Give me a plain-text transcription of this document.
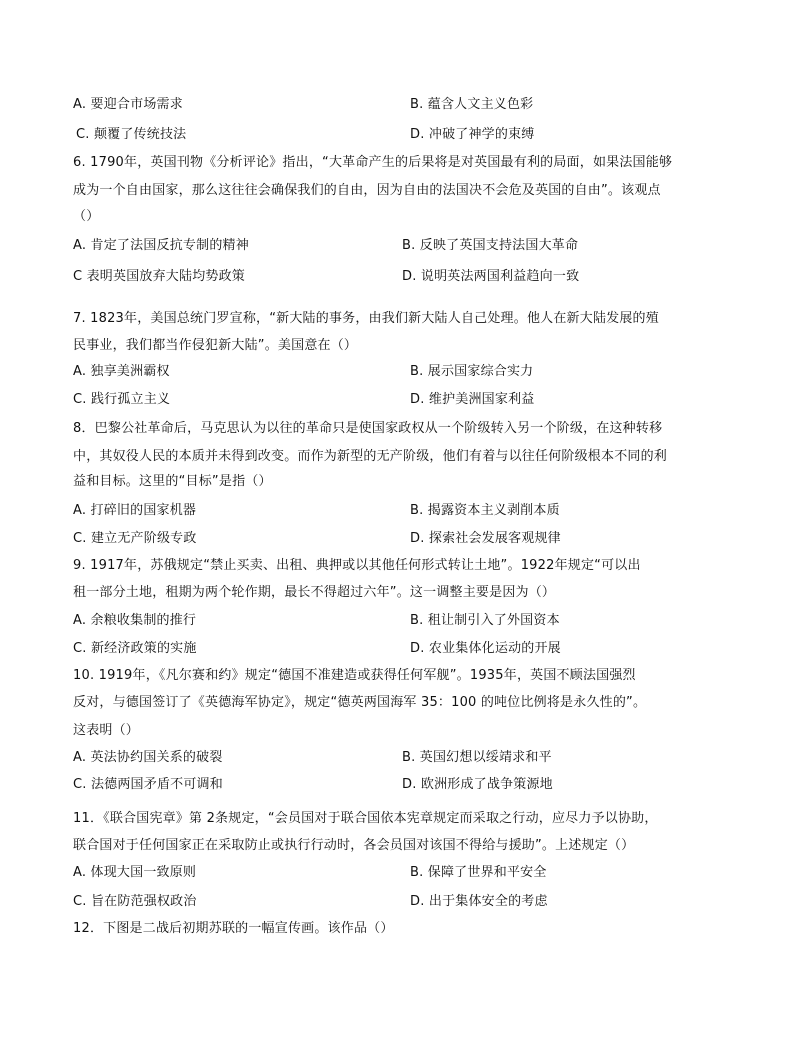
A. 要迎合市场需求	B. 蕴含人文主义色彩
C. 颠覆了传统技法	D. 冲破了神学的束缚
6. 1790年，英国刊物《分析评论》指出，“大革命产生的后果将是对英国最有利的局面，如果法国能够
成为一个自由国家，那么这往往会确保我们的自由，因为自由的法国决不会危及英国的自由”。该观点
（）
A. 肯定了法国反抗专制的精神	B. 反映了英国支持法国大革命
C 表明英国放弃大陆均势政策	D. 说明英法两国利益趋向一致
7. 1823年，美国总统门罗宣称，“新大陆的事务，由我们新大陆人自己处理。他人在新大陆发展的殖
民事业，我们都当作侵犯新大陆”。美国意在（）
A. 独享美洲霸权	B. 展示国家综合实力
C. 践行孤立主义	D. 维护美洲国家利益
8．巴黎公社革命后，马克思认为以往的革命只是使国家政权从一个阶级转入另一个阶级，在这种转移
中，其奴役人民的本质并未得到改变。而作为新型的无产阶级，他们有着与以往任何阶级根本不同的利
益和目标。这里的“目标”是指（）
A. 打碎旧的国家机器	B. 揭露资本主义剥削本质
C. 建立无产阶级专政	D. 探索社会发展客观规律
9. 1917年，苏俄规定“禁止买卖、出租、典押或以其他任何形式转让土地”。1922年规定“可以出
租一部分土地，租期为两个轮作期，最长不得超过六年”。这一调整主要是因为（）
A. 余粮收集制的推行	B. 租让制引入了外国资本
C. 新经济政策的实施	D. 农业集体化运动的开展
10. 1919年，《凡尔赛和约》规定“德国不准建造或获得任何军舰”。1935年，英国不顾法国强烈
反对，与德国签订了《英德海军协定》，规定“德英两国海军 35：100 的吨位比例将是永久性的”。
这表明（）
A. 英法协约国关系的破裂	B. 英国幻想以绥靖求和平
C. 法德两国矛盾不可调和	D. 欧洲形成了战争策源地
11．《联合国宪章》第 2条规定，“会员国对于联合国依本宪章规定而采取之行动，应尽力予以协助，
联合国对于任何国家正在采取防止或执行行动时，各会员国对该国不得给与援助”。上述规定（）
A. 体现大国一致原则	B. 保障了世界和平安全
C. 旨在防范强权政治	D. 出于集体安全的考虑
12．下图是二战后初期苏联的一幅宣传画。该作品（）
